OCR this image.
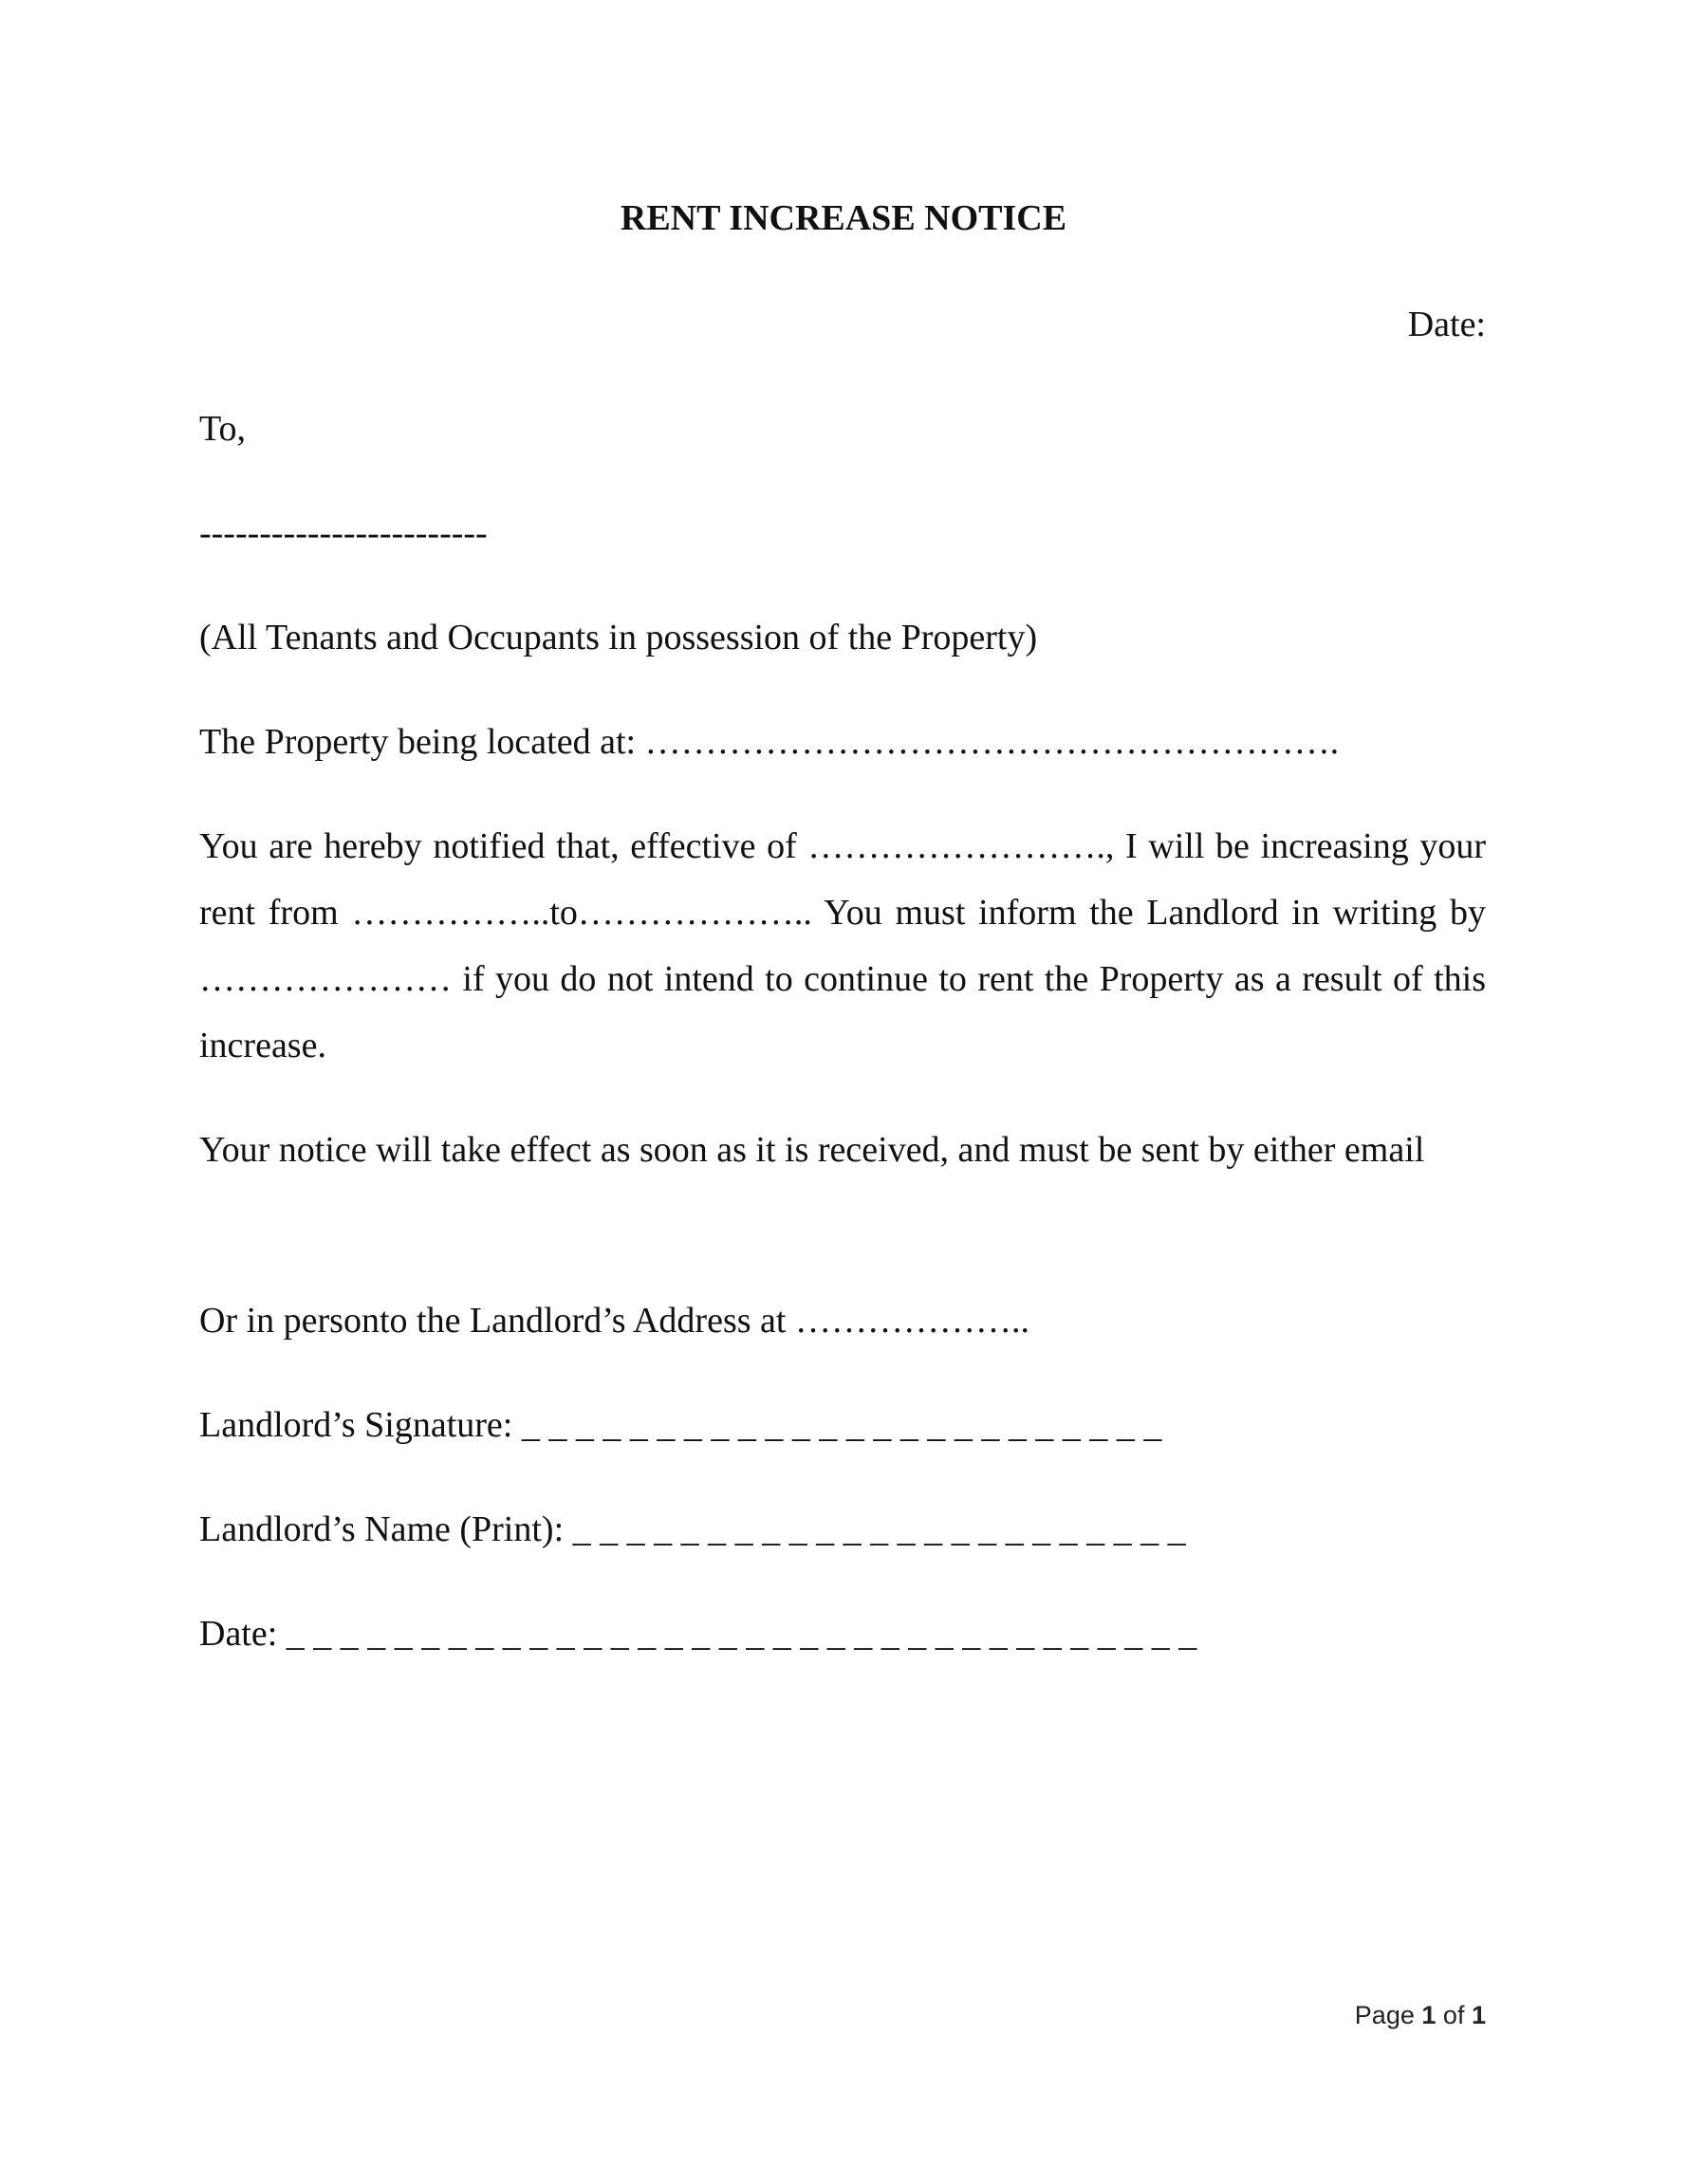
RENT INCREASE NOTICE
Date:
To,
------------------------
(All Tenants and Occupants in possession of the Property)
The Property being located at: ………………………………………………….

You are hereby notified that, effective of ……………………., I will be increasing your rent from ……………..to……………….. You must inform the Landlord in writing by ………………… if you do not intend to continue to rent the Property as a result of this increase.

Your notice will take effect as soon as it is received, and must be sent by either email

Or in personto the Landlord’s Address at ………………..
Landlord’s Signature: _ _ _ _ _ _ _ _ _ _ _ _ _ _ _ _ _ _ _ _ _ _ _ _
Landlord’s Name (Print): _ _ _ _ _ _ _ _ _ _ _ _ _ _ _ _ _ _ _ _ _ _ _
Date: _ _ _ _ _ _ _ _ _ _ _ _ _ _ _ _ _ _ _ _ _ _ _ _ _ _ _ _ _ _ _ _ _ _
Page 1 of 1
